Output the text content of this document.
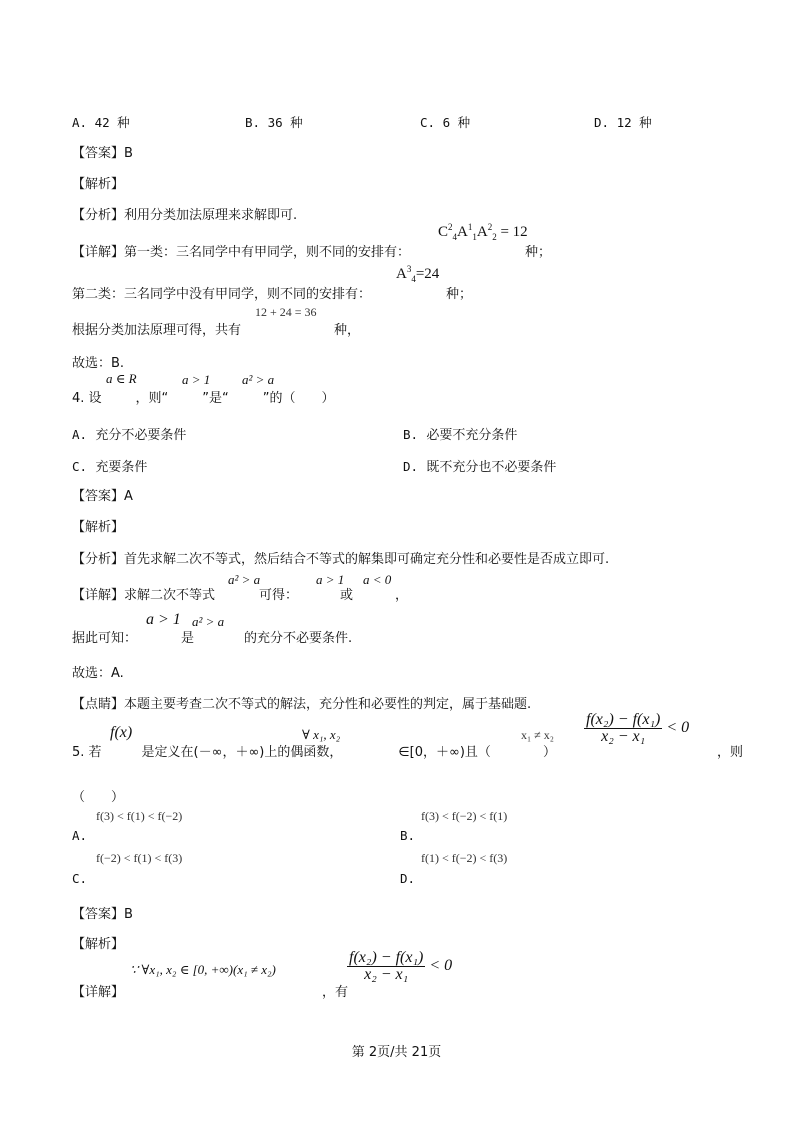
A. 42 种	B. 36 种	C. 6 种	D. 12 种
【答案】B
【解析】
【分析】利用分类加法原理来求解即可.
$C^2_4A^1_1A^2_2 = 12$
【详解】第一类：三名同学中有甲同学，则不同的安排有：	种；
$A^3_4=24$
第二类：三名同学中没有甲同学，则不同的安排有：	种；
12 + 24 = 36
根据分类加法原理可得，共有	种，
故选：B.
a ∈ R	a > 1 a² > a
4. 设	，则“	”是“	”的（　　）
A. 充分不必要条件	B. 必要不充分条件
C. 充要条件	D. 既不充分也不必要条件
【答案】A
【解析】
【分析】首先求解二次不等式，然后结合不等式的解集即可确定充分性和必要性是否成立即可.
a² > a	a > 1 a < 0
【详解】求解二次不等式	可得：	或	，
a > 1 a² > a
据此可知：	是	的充分不必要条件.
故选：A.
【点睛】本题主要考查二次不等式的解法，充分性和必要性的判定，属于基础题.
f(x)	∀ x₁, x₂	$x_1 \ne x_2 \frac{\text{f(x₂) − f(x₁)}}{\text{x₂ − x₁}} < 0$
5. 若	是定义在(－∞，＋∞)上的偶函数，	∈[0，＋∞)且（	）	，则
（　　）
f(3) < f(1) < f(−2)
A.
f(3) < f(−2) < f(1)
B.
f(−2) < f(1) < f(3)
C.
f(1) < f(−2) < f(3)
D.
【答案】B
【解析】
∵ ∀x₁, x₂ ∈ [0, +∞)(x₁ ≠ x₂)	$\frac{\text{f(x₂) − f(x₁)}}{\text{x₂ − x₁}} < 0$
【详解】	，有
第 2页/共 21页
